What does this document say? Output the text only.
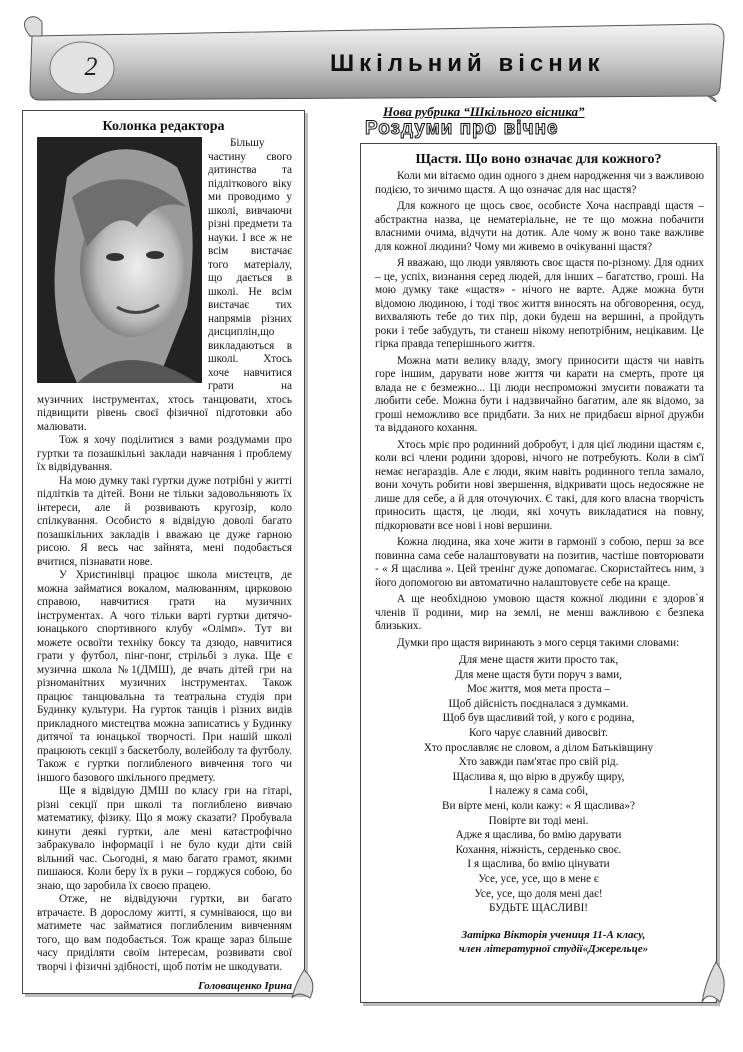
2	Шкільний вісник
Колонка редактора

Більшу частину свого дитинства та підліткового віку ми проводимо у школі, вивчаючи різні предмети та науки. І все ж не всім вистачає того матеріалу, що дається в школі. Не всім вистачає тих напрямів різних дисциплін,що викладаються в школі. Хтось хоче навчитися грати на музичних інструментах, хтось танцювати, хтось підвищити рівень своєї фізичної підготовки або малювати.

Тож я хочу поділитися з вами роздумами про гуртки та позашкільні заклади навчання і проблему їх відвідування.

На мою думку такі гуртки дуже потрібні у житті підлітків та дітей. Вони не тільки задовольняють їх інтереси, але й розвивають кругозір, коло спілкування. Особисто я відвідую доволі багато позашкільних закладів і вважаю це дуже гарною рисою. Я весь час зайнята, мені подобається вчитися, пізнавати нове.

У Христинівці працює школа мистецтв, де можна займатися вокалом, малюванням, цирковою справою, навчитися грати на музичних інструментах. А чого тільки варті гуртки дитячо-юнацького спортивного клубу «Олімп». Тут ви можете освоїти техніку боксу та дзюдо, навчитися грати у футбол, пінг-понг, стрільбі з лука. Ще є музична школа №1(ДМШ), де вчать дітей гри на різноманітних музичних інструментах. Також працює танцювальна та театральна студія при Будинку культури. На гурток танців і різних видів прикладного мистецтва можна записатись у Будинку дитячої та юнацької творчості. При нашій школі працюють секції з баскетболу, волейболу та футболу. Також є гуртки поглибленого вивчення того чи іншого базового шкільного предмету.

Ще я відвідую ДМШ по класу гри на гітарі, різні секції при школі та поглиблено вивчаю математику, фізику. Що я можу сказати? Пробувала кинути деякі гуртки, але мені катастрофічно забракувало інформації і не було куди діти свій вільний час. Сьогодні, я маю багато грамот, якими пишаюся. Коли беру їх в руки – горджуся собою, бо знаю, що заробила їх своєю працею.

Отже, не відвідуючи гуртки, ви багато втрачаєте. В дорослому житті, я сумніваюся, що ви матимете час займатися поглибленим вивченням того, що вам подобається. Тож краще зараз більше часу приділяти своїм інтересам, розвивати свої творчі і фізичні здібності, щоб потім не шкодувати.

Головащенко Ірина
Нова рубрика “Шкільного вісника”
Роздуми про вічне
Щастя. Що воно означає для кожного?

Коли ми вітаємо один одного з днем народження чи з важливою подією, то зичимо щастя. А що означає для нас щастя?

Для кожного це щось своє, особисте Хоча насправді щастя – абстрактна назва, це нематеріальне, не те що можна побачити власними очима, відчути на дотик. Але чому ж воно таке важливе для кожної людини? Чому ми живемо в очікуванні щастя?

Я вважаю, що люди уявляють своє щастя по-різному. Для одних – це, успіх, визнання серед людей, для інших – багатство, гроші. На мою думку таке «щастя» - нічого не варте. Адже можна бути відомою людиною, і тоді твоє життя виносять на обговорення, осуд, вихваляють тебе до тих пір, доки будеш на вершині, а пройдуть роки і тебе забудуть, ти станеш нікому непотрібним, нецікавим. Це гірка правда теперішнього життя.

Можна мати велику владу, змогу приносити щастя чи навіть горе іншим, дарувати нове життя чи карати на смерть, проте ця влада не є безмежно... Ці люди неспроможні змусити поважати та любити себе. Можна бути і надзвичайно багатим, але як відомо, за гроші неможливо все придбати. За них не придбаєш вірної дружби та відданого кохання.

Хтось мріє про родинний добробут, і для цієї людини щастям є, коли всі члени родини здорові, нічого не потребують. Коли в сім'ї немає негараздів. Але є люди, яким навіть родинного тепла замало, вони хочуть робити нові звершення, відкривати щось недосяжне не лише для себе, а й для оточуючих. Є такі, для кого власна творчість приносить щастя, це люди, які хочуть викладатися на повну, підкорювати все нові і нові вершини.

Кожна людина, яка хоче жити в гармонії з собою, перш за все повинна сама себе налаштовувати на позитив, частіше повторювати - « Я щаслива ». Цей тренінг дуже допомагає. Скористайтесь ним, з його допомогою ви автоматично налаштовуєте себе на краще.

А ще необхідною умовою щастя кожної людини є здоров`я членів її родини, мир на землі, не менш важливою є безпека близьких.

Думки про щастя виринають з мого серця такими словами:

Для мене щастя жити просто так,
Для мене щастя бути поруч з вами,
Моє життя, моя мета проста –
Щоб дійсність поєдналася з думками.
Щоб був щасливий той, у кого є родина,
Кого чарує славний дивосвіт.
Хто прославляє не словом, а ділом Батьківщину
Хто завжди пам'ятає про свій рід.
Щаслива я, що вірю в дружбу щиру,
І належу я сама собі,
Ви вірте мені, коли кажу: « Я щаслива»?
Повірте ви тоді мені.
Адже я щаслива, бо вмію дарувати
Кохання, ніжність, серденько своє.
І я щаслива, бо вмію цінувати
Усе, усе, усе, що в мене є
Усе, усе, що доля мені дає!
БУДЬТЕ ЩАСЛИВІ!
Затірка Вікторія учениця 11-А класу,
член літературної студії«Джерельце»
